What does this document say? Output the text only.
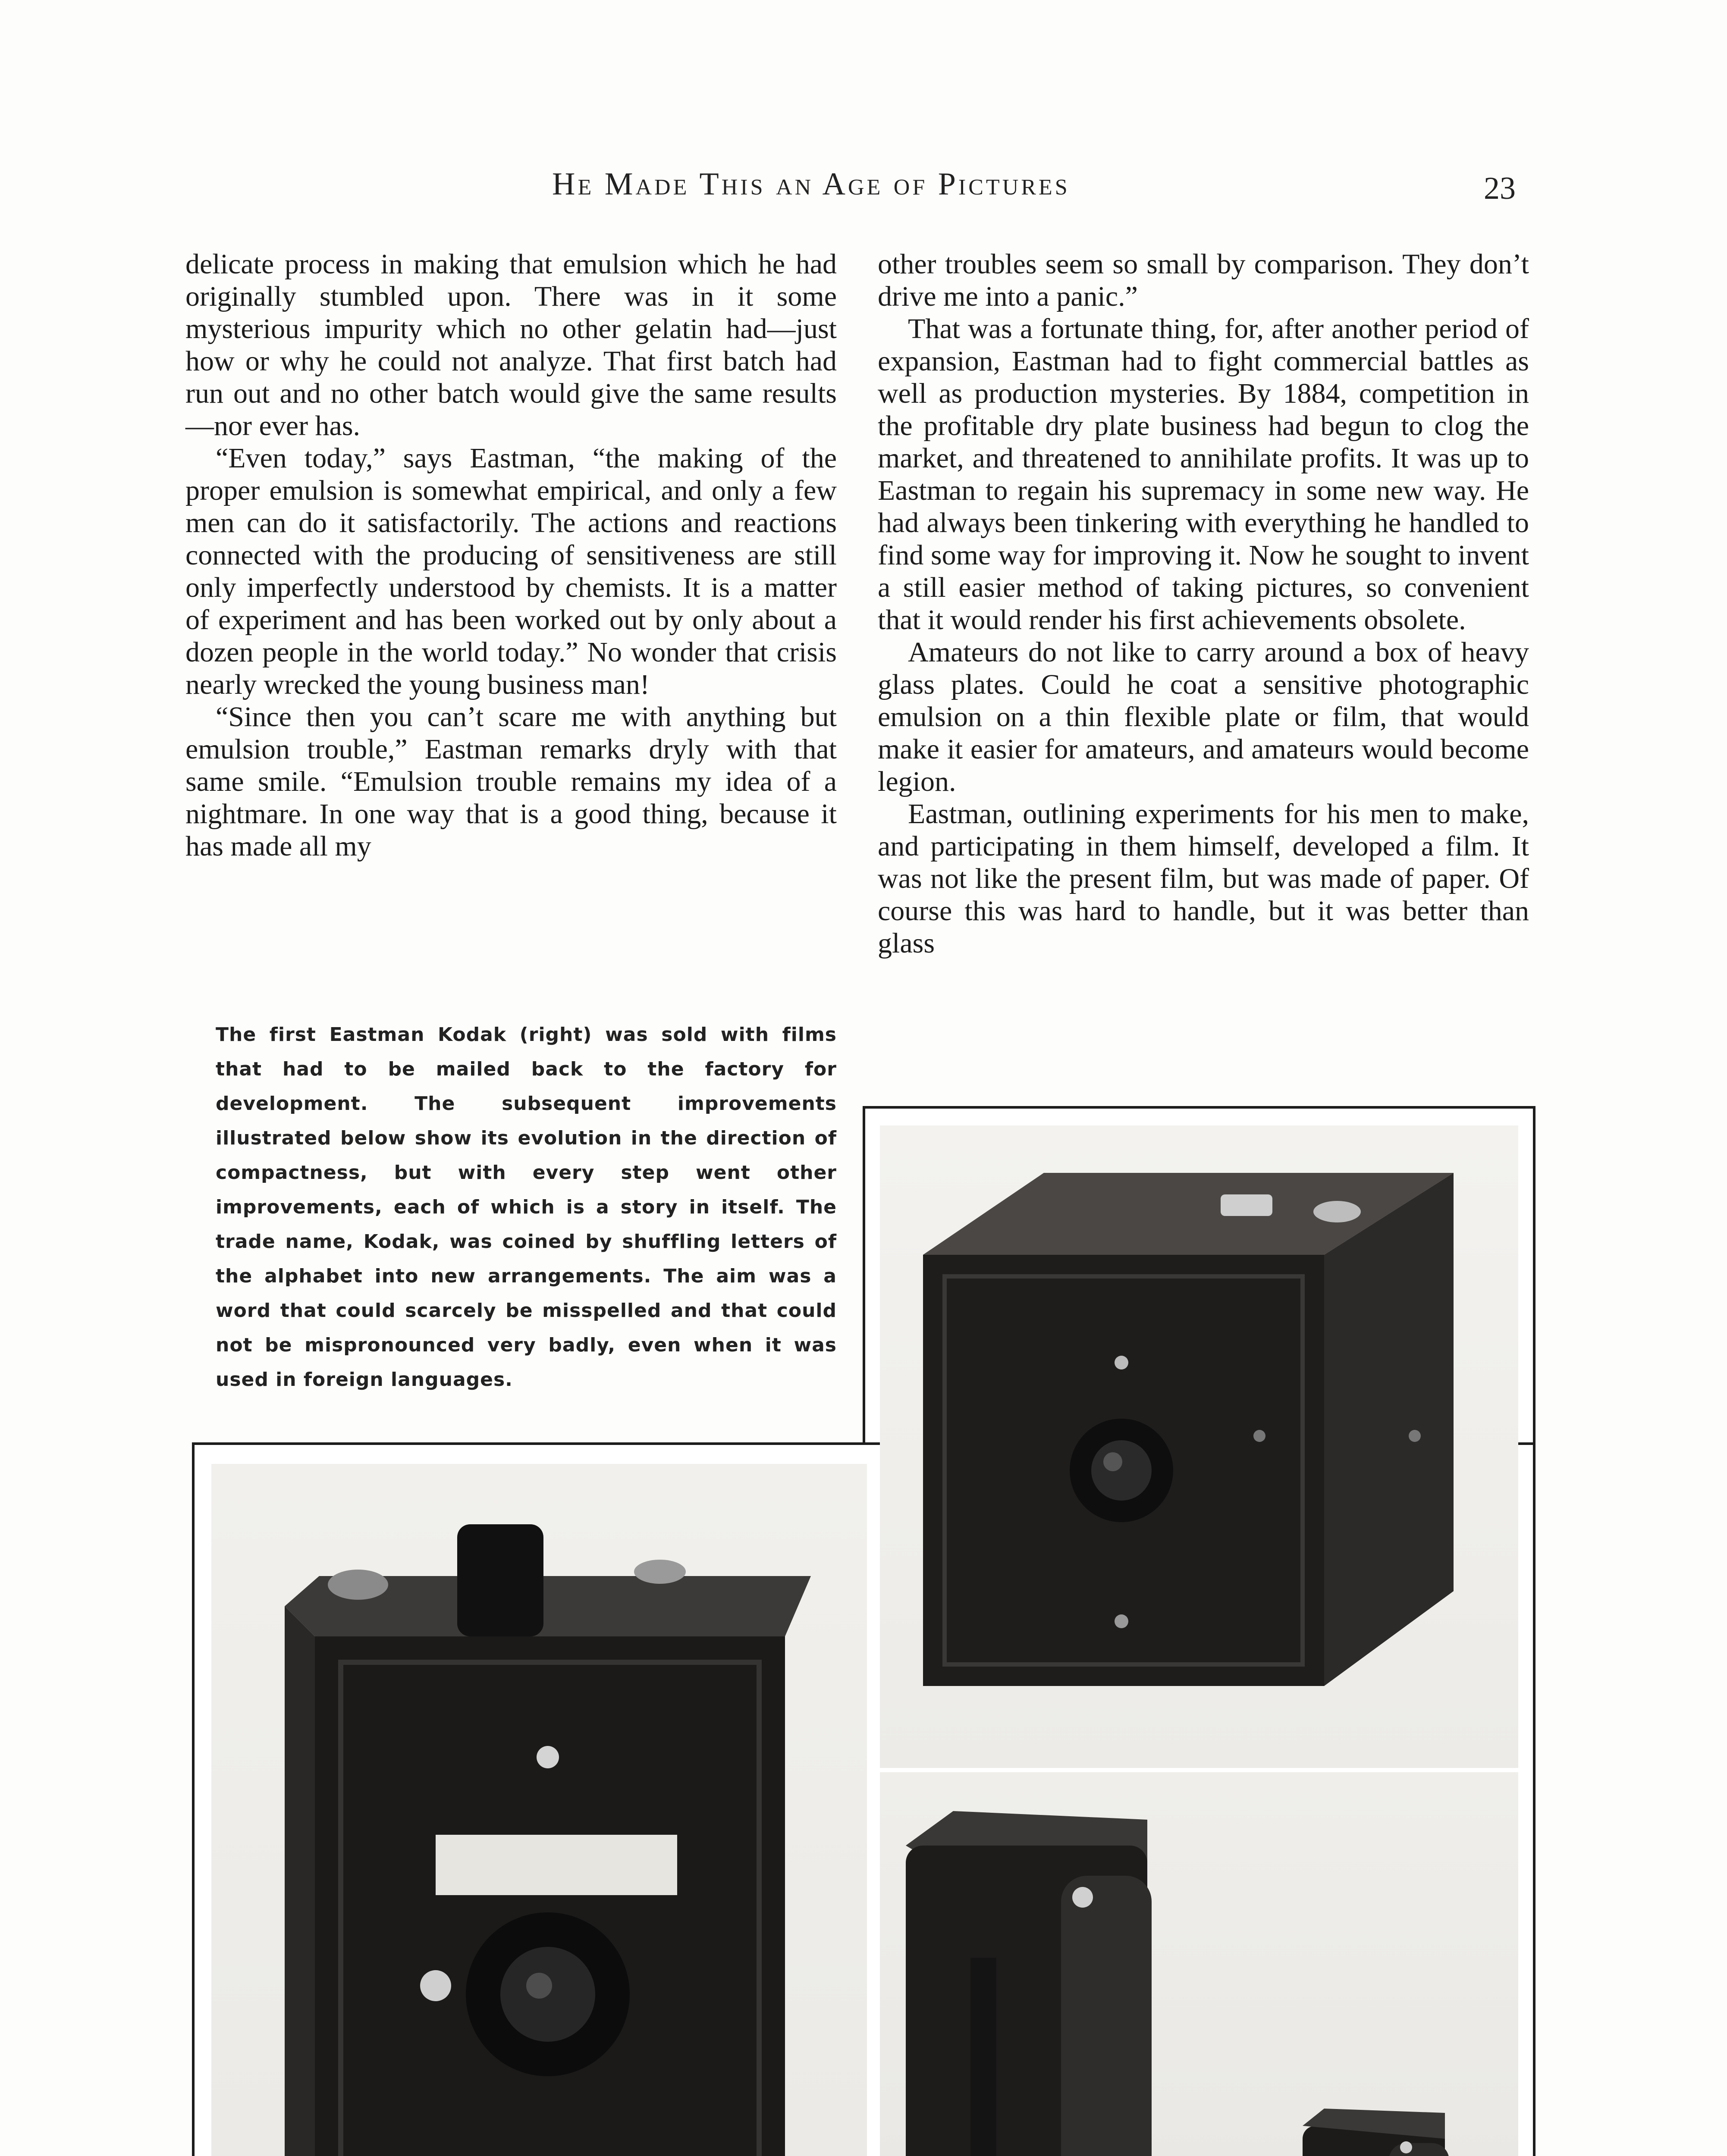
He Made This an Age of Pictures	23

delicate process in making that emulsion which he had originally stumbled upon. There was in it some mysterious impurity which no other gelatin had—just how or why he could not analyze. That first batch had run out and no other batch would give the same results—nor ever has.

“Even today,” says Eastman, “the making of the proper emulsion is somewhat empirical, and only a few men can do it satisfactorily. The actions and reactions connected with the producing of sensitiveness are still only imperfectly understood by chemists. It is a matter of experiment and has been worked out by only about a dozen people in the world today.” No wonder that crisis nearly wrecked the young business man!

“Since then you can’t scare me with anything but emulsion trouble,” Eastman remarks dryly with that same smile. “Emulsion trouble remains my idea of a nightmare. In one way that is a good thing, because it has made all my

other troubles seem so small by comparison. They don’t drive me into a panic.”

That was a fortunate thing, for, after another period of expansion, Eastman had to fight commercial battles as well as production mysteries. By 1884, competition in the profitable dry plate business had begun to clog the market, and threatened to annihilate profits. It was up to Eastman to regain his supremacy in some new way. He had always been tinkering with everything he handled to find some way for improving it. Now he sought to invent a still easier method of taking pictures, so convenient that it would render his first achievements obsolete.

Amateurs do not like to carry around a box of heavy glass plates. Could he coat a sensitive photographic emulsion on a thin flexible plate or film, that would make it easier for amateurs, and amateurs would become legion.

Eastman, outlining experiments for his men to make, and participating in them himself, developed a film. It was not like the present film, but was made of paper. Of course this was hard to handle, but it was better than glass

The first Eastman Kodak (right) was sold with films that had to be mailed back to the factory for development. The subsequent improvements illustrated below show its evolution in the direction of compactness, but with every step went other improvements, each of which is a story in itself. The trade name, Kodak, was coined by shuffling letters of the alphabet into new arrangements. The aim was a word that could scarcely be misspelled and that could not be mispronounced very badly, even when it was used in foreign languages.
